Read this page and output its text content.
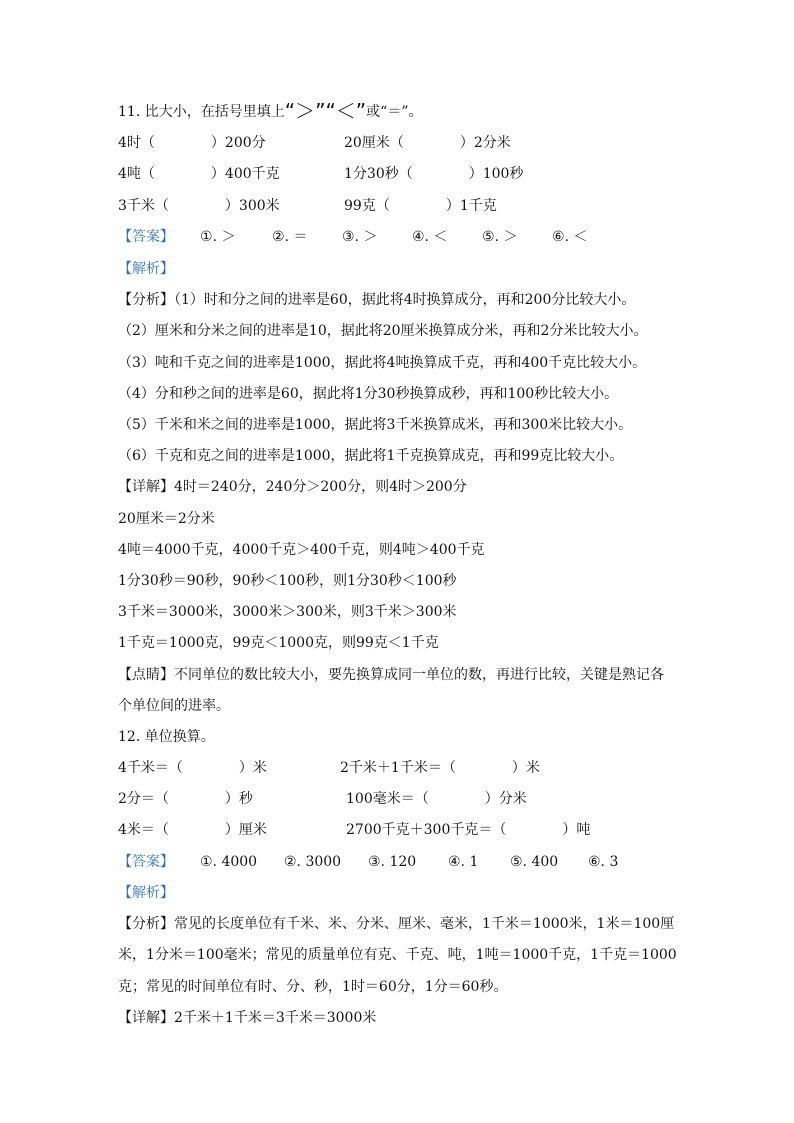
11. 比大小，在括号里填上“＞”“＜”或“＝”。
4时（　　　　）200分	20厘米（　　　　）2分米
4吨（　　　　）400千克	1分30秒（　　　　）100秒
3千米（　　　　）300米	99克（　　　　）1千克
【答案】 ①. ＞	②. ＝ ③. ＞ ④. ＜ ⑤. ＞ ⑥. ＜
【解析】
【分析】（1）时和分之间的进率是60，据此将4时换算成分，再和200分比较大小。
（2）厘米和分米之间的进率是10，据此将20厘米换算成分米，再和2分米比较大小。
（3）吨和千克之间的进率是1000，据此将4吨换算成千克，再和400千克比较大小。
（4）分和秒之间的进率是60，据此将1分30秒换算成秒，再和100秒比较大小。
（5）千米和米之间的进率是1000，据此将3千米换算成米，再和300米比较大小。
（6）千克和克之间的进率是1000，据此将1千克换算成克，再和99克比较大小。
【详解】4时＝240分，240分＞200分，则4时＞200分
20厘米＝2分米
4吨＝4000千克，4000千克＞400千克，则4吨＞400千克
1分30秒＝90秒，90秒＜100秒，则1分30秒＜100秒
3千米＝3000米，3000米＞300米，则3千米＞300米
1千克＝1000克，99克＜1000克，则99克＜1千克
【点睛】不同单位的数比较大小，要先换算成同一单位的数，再进行比较，关键是熟记各
个单位间的进率。
12. 单位换算。
4千米＝（　　　　）米	2千米＋1千米＝（　　　　）米
2分＝（　　　　）秒	100毫米＝（　　　　）分米
4米＝（　　　　）厘米	2700千克＋300千克＝（　　　　）吨
【答案】 ①. 4000 ②. 3000 ③. 120 ④. 1 ⑤. 400 ⑥. 3
【解析】
【分析】常见的长度单位有千米、米、分米、厘米、毫米，1千米＝1000米，1米＝100厘
米，1分米＝100毫米；常见的质量单位有克、千克、吨，1吨＝1000千克，1千克＝1000
克；常见的时间单位有时、分、秒，1时＝60分，1分＝60秒。
【详解】2千米＋1千米＝3千米＝3000米
